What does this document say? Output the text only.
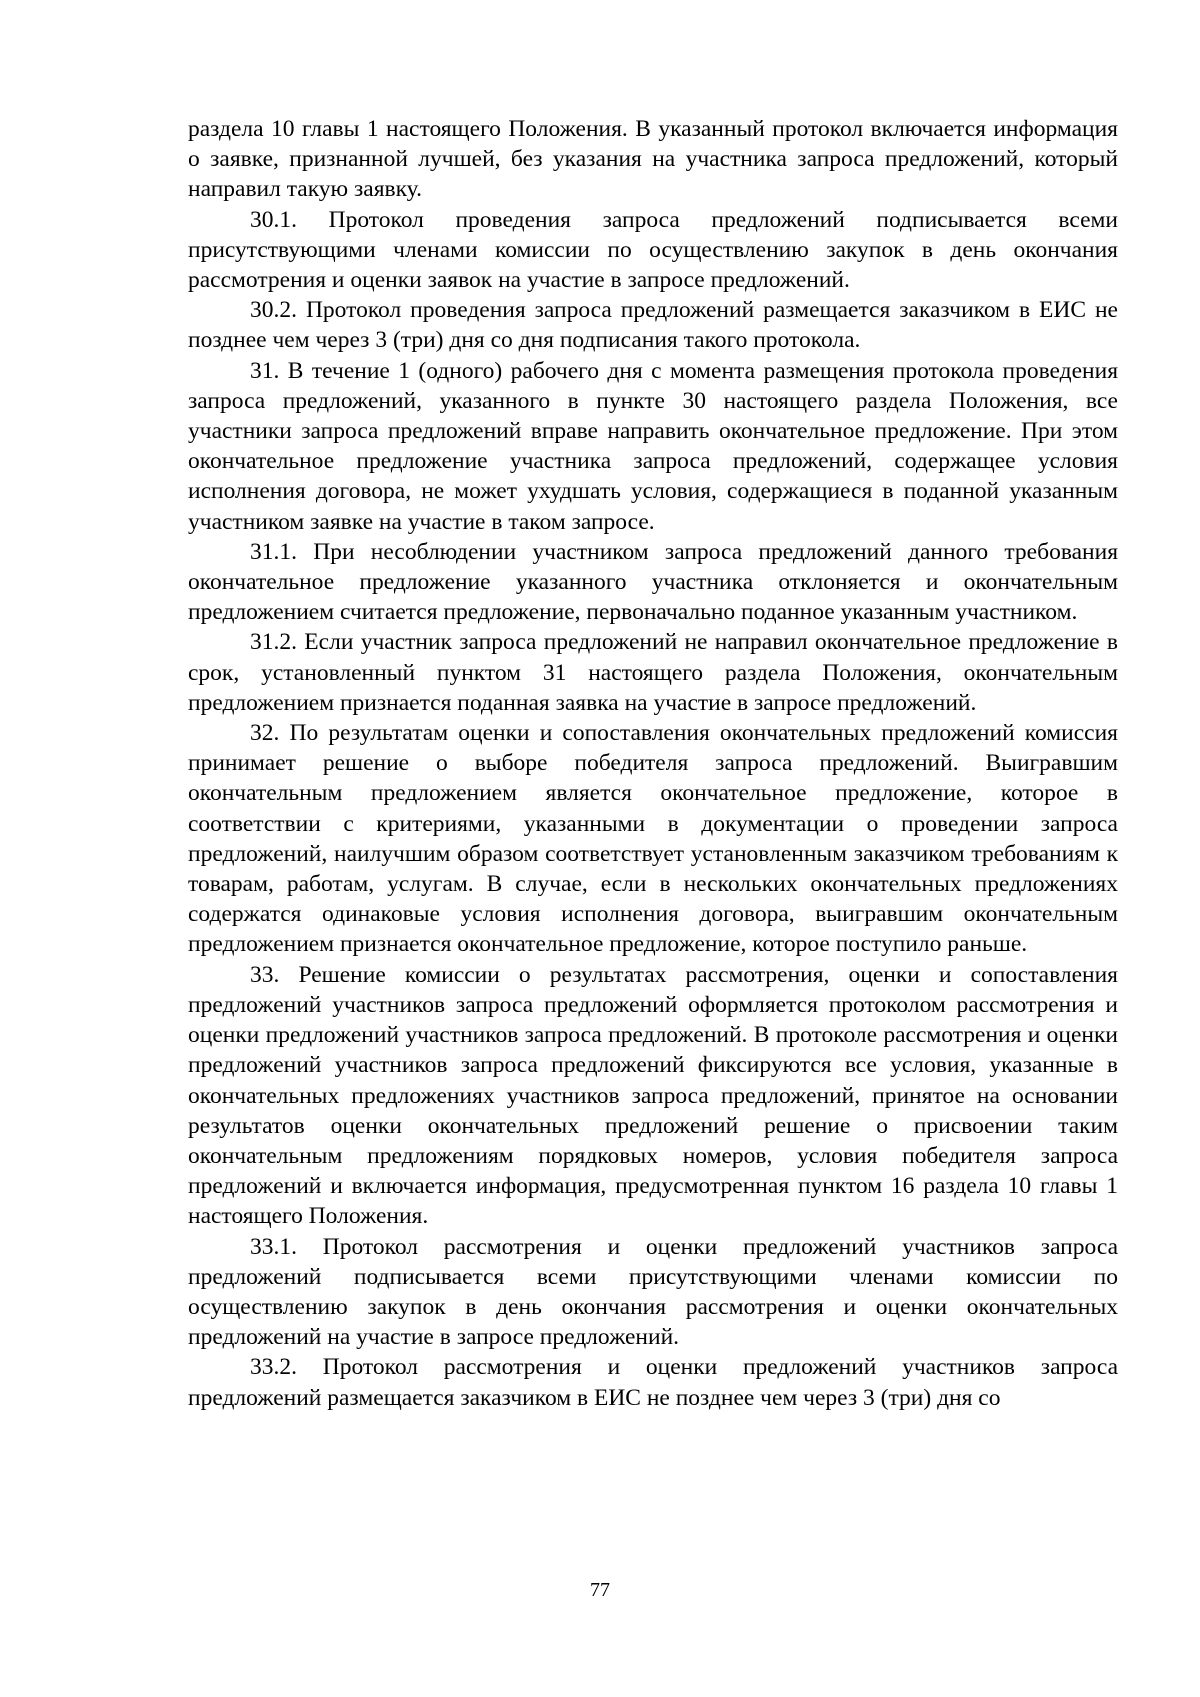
раздела 10 главы 1 настоящего Положения. В указанный протокол включается информация о заявке, признанной лучшей, без указания на участника запроса предложений, который направил такую заявку.

30.1. Протокол проведения запроса предложений подписывается всеми присутствующими членами комиссии по осуществлению закупок в день окончания рассмотрения и оценки заявок на участие в запросе предложений.

30.2. Протокол проведения запроса предложений размещается заказчиком в ЕИС не позднее чем через 3 (три) дня со дня подписания такого протокола.

31. В течение 1 (одного) рабочего дня с момента размещения протокола проведения запроса предложений, указанного в пункте 30 настоящего раздела Положения, все участники запроса предложений вправе направить окончательное предложение. При этом окончательное предложение участника запроса предложений, содержащее условия исполнения договора, не может ухудшать условия, содержащиеся в поданной указанным участником заявке на участие в таком запросе.

31.1. При несоблюдении участником запроса предложений данного требования окончательное предложение указанного участника отклоняется и окончательным предложением считается предложение, первоначально поданное указанным участником.

31.2. Если участник запроса предложений не направил окончательное предложение в срок, установленный пунктом 31 настоящего раздела Положения, окончательным предложением признается поданная заявка на участие в запросе предложений.

32. По результатам оценки и сопоставления окончательных предложений комиссия принимает решение о выборе победителя запроса предложений. Выигравшим окончательным предложением является окончательное предложение, которое в соответствии с критериями, указанными в документации о проведении запроса предложений, наилучшим образом соответствует установленным заказчиком требованиям к товарам, работам, услугам. В случае, если в нескольких окончательных предложениях содержатся одинаковые условия исполнения договора, выигравшим окончательным предложением признается окончательное предложение, которое поступило раньше.

33. Решение комиссии о результатах рассмотрения, оценки и сопоставления предложений участников запроса предложений оформляется протоколом рассмотрения и оценки предложений участников запроса предложений. В протоколе рассмотрения и оценки предложений участников запроса предложений фиксируются все условия, указанные в окончательных предложениях участников запроса предложений, принятое на основании результатов оценки окончательных предложений решение о присвоении таким окончательным предложениям порядковых номеров, условия победителя запроса предложений и включается информация, предусмотренная пунктом 16 раздела 10 главы 1 настоящего Положения.

33.1. Протокол рассмотрения и оценки предложений участников запроса предложений подписывается всеми присутствующими членами комиссии по осуществлению закупок в день окончания рассмотрения и оценки окончательных предложений на участие в запросе предложений.

33.2. Протокол рассмотрения и оценки предложений участников запроса предложений размещается заказчиком в ЕИС не позднее чем через 3 (три) дня со

77
